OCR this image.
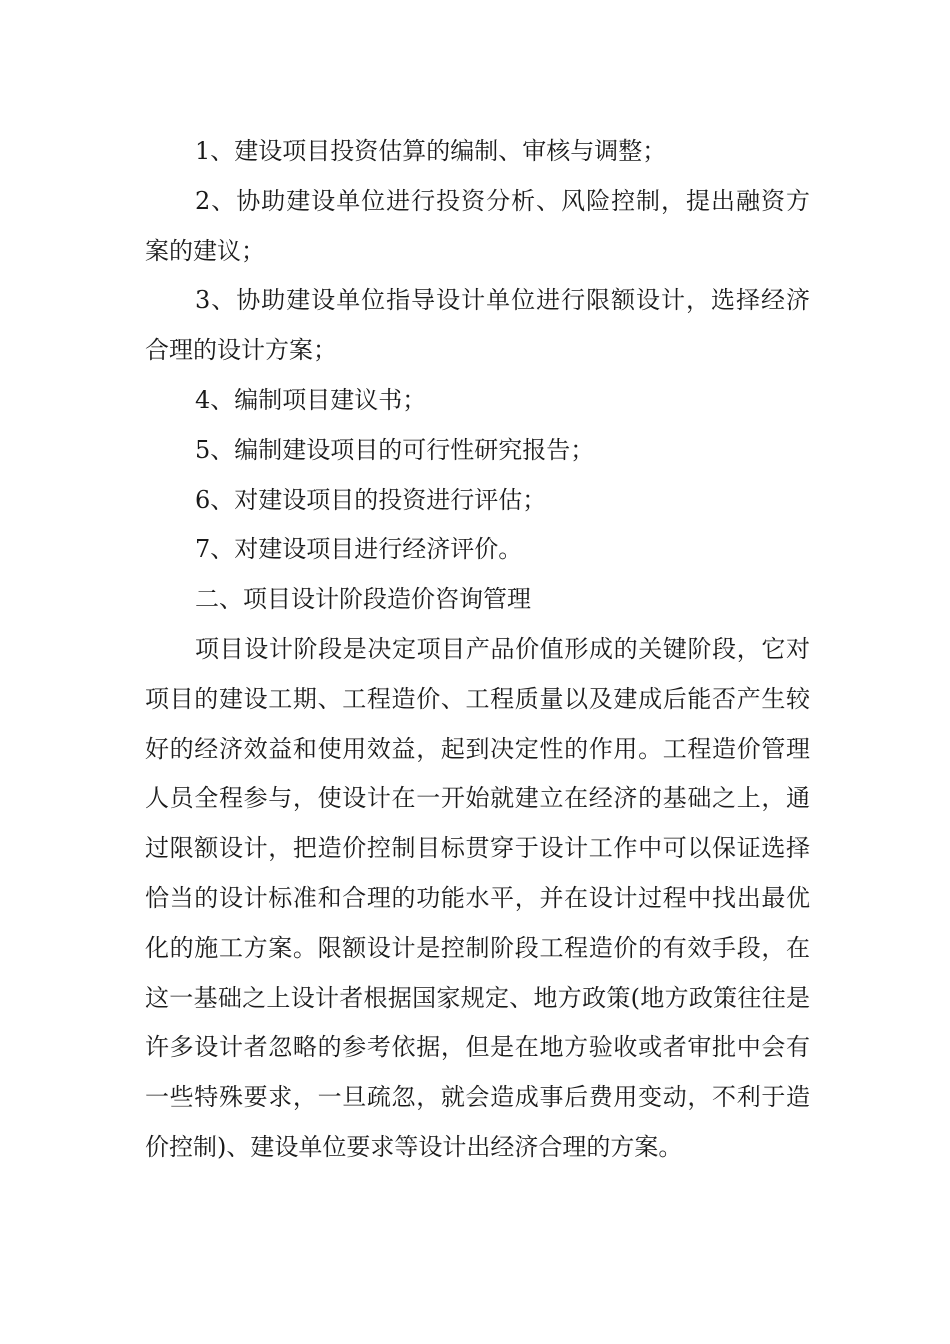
1、建设项目投资估算的编制、审核与调整；

2、协助建设单位进行投资分析、风险控制，提出融资方案的建议；

3、协助建设单位指导设计单位进行限额设计，选择经济合理的设计方案；

4、编制项目建议书；

5、编制建设项目的可行性研究报告；

6、对建设项目的投资进行评估；

7、对建设项目进行经济评价。

二、项目设计阶段造价咨询管理

项目设计阶段是决定项目产品价值形成的关键阶段，它对项目的建设工期、工程造价、工程质量以及建成后能否产生较好的经济效益和使用效益，起到决定性的作用。工程造价管理人员全程参与，使设计在一开始就建立在经济的基础之上，通过限额设计，把造价控制目标贯穿于设计工作中可以保证选择恰当的设计标准和合理的功能水平，并在设计过程中找出最优化的施工方案。限额设计是控制阶段工程造价的有效手段，在这一基础之上设计者根据国家规定、地方政策(地方政策往往是许多设计者忽略的参考依据，但是在地方验收或者审批中会有一些特殊要求，一旦疏忽，就会造成事后费用变动，不利于造价控制)、建设单位要求等设计出经济合理的方案。
